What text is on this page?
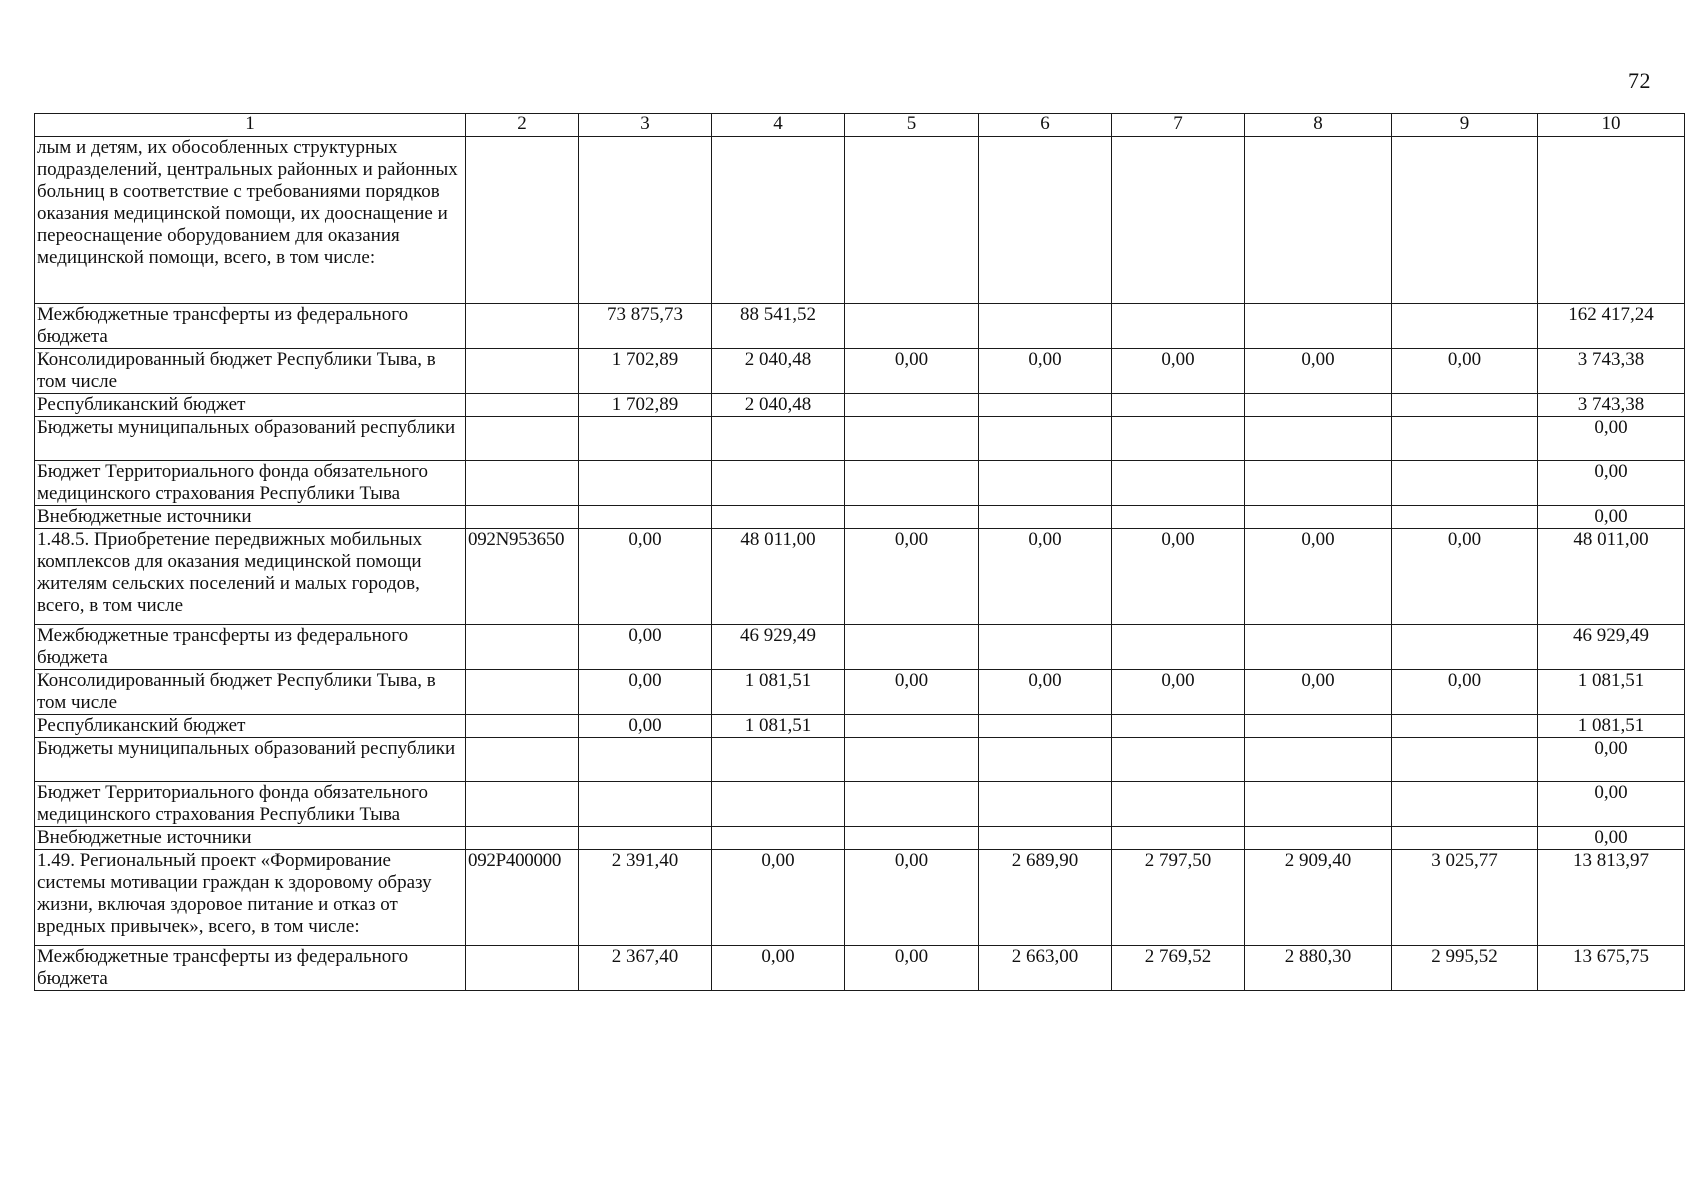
72
1	2	3	4	5	6	7	8	9	10
лым и детям, их обособленных структурных подразделений, центральных районных и районных больниц в соответствие с требованиями порядков оказания медицинской помощи, их дооснащение и переоснащение оборудованием для оказания медицинской помощи, всего, в том числе:									
Межбюджетные трансферты из федерального бюджета		73 875,73	88 541,52						162 417,24
Консолидированный бюджет Республики Тыва, в том числе		1 702,89	2 040,48	0,00	0,00	0,00	0,00	0,00	3 743,38
Республиканский бюджет		1 702,89	2 040,48						3 743,38
Бюджеты муниципальных образований республики									0,00
Бюджет Территориального фонда обязательного медицинского страхования Республики Тыва									0,00
Внебюджетные источники									0,00
1.48.5. Приобретение передвижных мобильных комплексов для оказания медицинской помощи жителям сельских поселений и малых городов, всего, в том числе	092N953650	0,00	48 011,00	0,00	0,00	0,00	0,00	0,00	48 011,00
Межбюджетные трансферты из федерального бюджета		0,00	46 929,49						46 929,49
Консолидированный бюджет Республики Тыва, в том числе		0,00	1 081,51	0,00	0,00	0,00	0,00	0,00	1 081,51
Республиканский бюджет		0,00	1 081,51						1 081,51
Бюджеты муниципальных образований республики									0,00
Бюджет Территориального фонда обязательного медицинского страхования Республики Тыва									0,00
Внебюджетные источники									0,00
1.49. Региональный проект «Формирование системы мотивации граждан к здоровому образу жизни, включая здоровое питание и отказ от вредных привычек», всего, в том числе:	092P400000	2 391,40	0,00	0,00	2 689,90	2 797,50	2 909,40	3 025,77	13 813,97
Межбюджетные трансферты из федерального бюджета		2 367,40	0,00	0,00	2 663,00	2 769,52	2 880,30	2 995,52	13 675,75
